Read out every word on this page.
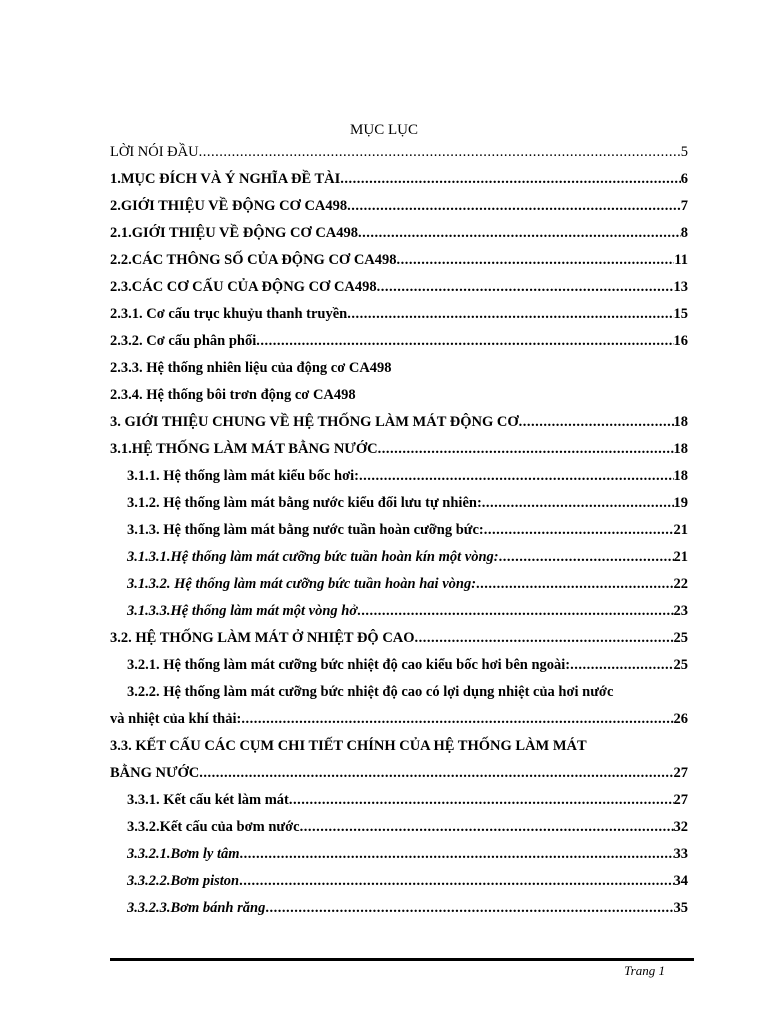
MỤC LỤC
LỜI NÓI ĐẦU .....	5
1.MỤC ĐÍCH VÀ Ý NGHĨA ĐỀ TÀI .....	6
2.GIỚI THIỆU VỀ ĐỘNG CƠ CA498 .....	7
2.1.GIỚI THIỆU VỀ ĐỘNG CƠ CA498 .....	8
2.2.CÁC THÔNG SỐ CỦA ĐỘNG CƠ CA498 .....	11
2.3.CÁC CƠ CẤU CỦA ĐỘNG CƠ CA498 .....	13
2.3.1. Cơ cấu trục khuỷu thanh truyền .....	15
2.3.2. Cơ cấu phân phối .....	16
2.3.3. Hệ thống nhiên liệu của động cơ CA498
2.3.4. Hệ thống bôi trơn động cơ CA498
3. GIỚI THIỆU CHUNG VỀ HỆ THỐNG LÀM MÁT ĐỘNG CƠ .....	18
3.1.HỆ THỐNG LÀM MÁT BẰNG NƯỚC .....	18
3.1.1. Hệ thống làm mát kiểu bốc hơi: .....	18
3.1.2. Hệ thống làm mát bằng nước kiểu đối lưu tự nhiên: .....	19
3.1.3. Hệ thống làm mát bằng nước tuần hoàn cưỡng bức: .....	21
3.1.3.1.Hệ thống làm mát cưỡng bức tuần hoàn kín một vòng: .....	21
3.1.3.2. Hệ thống làm mát cưỡng bức tuần hoàn hai vòng: .....	22
3.1.3.3.Hệ thống làm mát một vòng hở .....	23
3.2. HỆ THỐNG LÀM MÁT Ở NHIỆT ĐỘ CAO .....	25
3.2.1. Hệ thống làm mát cưỡng bức nhiệt độ cao kiểu bốc hơi bên ngoài: .....	25
3.2.2. Hệ thống làm mát cưỡng bức nhiệt độ cao có lợi dụng nhiệt của hơi nước
và nhiệt của khí thải: .....	26
3.3. KẾT CẤU CÁC CỤM CHI TIẾT CHÍNH CỦA HỆ THỐNG LÀM MÁT
BẰNG NƯỚC .....	27
3.3.1. Kết cấu két làm mát .....	27
3.3.2.Kết cấu của bơm nước .....	32
3.3.2.1.Bơm ly tâm .....	33
3.3.2.2.Bơm piston .....	34
3.3.2.3.Bơm bánh răng .....	35
Trang 1
